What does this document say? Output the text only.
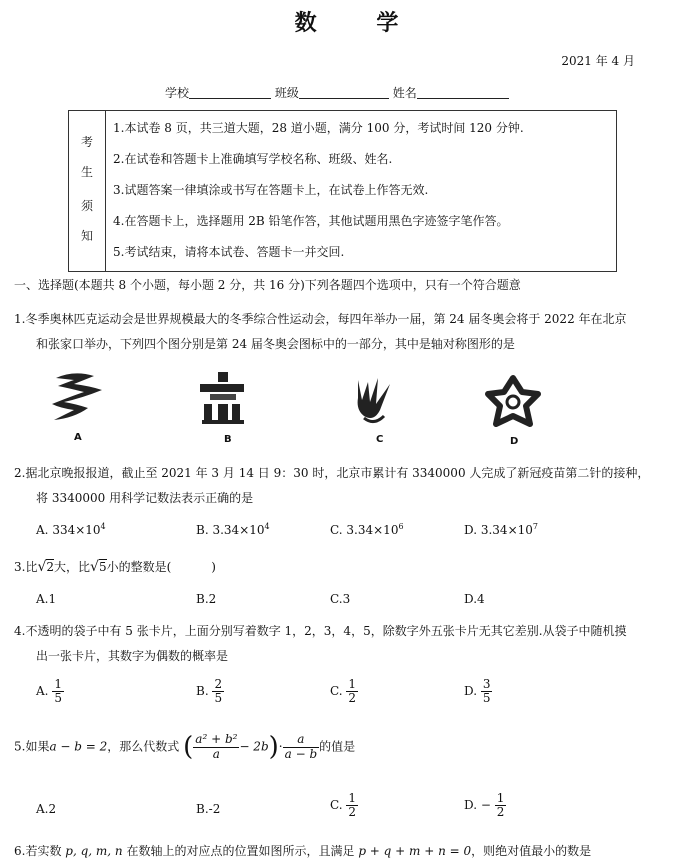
数 学
2021 年 4 月
学校	班级	姓名
考
生
须
知
1.本试卷 8 页，共三道大题，28 道小题，满分 100 分，考试时间 120 分钟.
2.在试卷和答题卡上准确填写学校名称、班级、姓名.
3.试题答案一律填涂或书写在答题卡上，在试卷上作答无效.
4.在答题卡上，选择题用 2B 铅笔作答，其他试题用黑色字迹签字笔作答。
5.考试结束，请将本试卷、答题卡一并交回.
一、选择题(本题共 8 个小题，每小题 2 分，共 16 分)下列各题四个选项中，只有一个符合题意
1.冬季奥林匹克运动会是世界规模最大的冬季综合性运动会，每四年举办一届，第 24 届冬奥会将于 2022 年在北京
和张家口举办，下列四个图分别是第 24 届冬奥会图标中的一部分，其中是轴对称图形的是
A	B	C	D
2.据北京晚报报道，截止至 2021 年 3 月 14 日 9：30 时，北京市累计有 3340000 人完成了新冠疫苗第二针的接种，
将 3340000 用科学记数法表示正确的是
A. $334\times 10^4$	B. $3.34\times 10^4$	C. $3.34\times 10^6$	D. $3.34\times 10^7$
3.比√2大，比√5小的整数是(	)
A.1	B.2	C.3	D.4
4.不透明的袋子中有 5 张卡片，上面分别写着数字 1，2，3，4，5，除数字外五张卡片无其它差别.从袋子中随机摸
出一张卡片，其数字为偶数的概率是
A. $\frac{1}{5}$	B. $\frac{2}{5}$	C. $\frac{1}{2}$	D. $\frac{3}{5}$
5.如果a − b = 2，那么代数式 ( $\frac{\text{a² + b²}}{a} - 2b)\cdot \frac{a}{a - b}$ 的值是
A.2	B.-2	C. $\frac{1}{2}$	D. − $\frac{1}{2}$
6.若实数 p, q, m, n 在数轴上的对应点的位置如图所示，且满足 p + q + m + n = 0，则绝对值最小的数是
